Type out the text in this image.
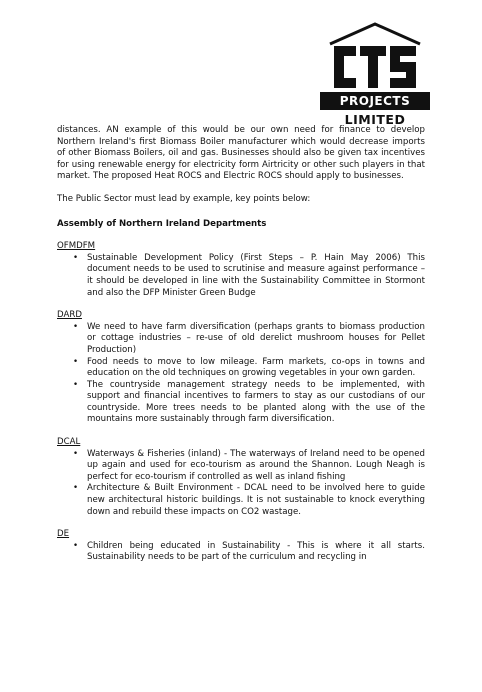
PROJECTS
LIMITED

distances. AN example of this would be our own need for finance to develop Northern Ireland's first Biomass Boiler manufacturer which would decrease imports of other Biomass Boilers, oil and gas. Businesses should also be given tax incentives for using renewable energy for electricity form Airtricity or other such players in that market. The proposed Heat ROCS and Electric ROCS should apply to businesses.

The Public Sector must lead by example, key points below:

Assembly of Northern Ireland Departments

OFMDFM

• Sustainable Development Policy (First Steps – P. Hain May 2006) This document needs to be used to scrutinise and measure against performance – it should be developed in line with the Sustainability Committee in Stormont and also the DFP Minister Green Budge

DARD

• We need to have farm diversification (perhaps grants to biomass production or cottage industries – re-use of old derelict mushroom houses for Pellet Production)
• Food needs to move to low mileage. Farm markets, co-ops in towns and education on the old techniques on growing vegetables in your own garden.
• The countryside management strategy needs to be implemented, with support and financial incentives to farmers to stay as our custodians of our countryside. More trees needs to be planted along with the use of the mountains more sustainably through farm diversification.

DCAL

• Waterways & Fisheries (inland) - The waterways of Ireland need to be opened up again and used for eco-tourism as around the Shannon. Lough Neagh is perfect for eco-tourism if controlled as well as inland fishing
• Architecture & Built Environment - DCAL need to be involved here to guide new architectural historic buildings. It is not sustainable to knock everything down and rebuild these impacts on CO2 wastage.

DE

• Children being educated in Sustainability - This is where it all starts. Sustainability needs to be part of the curriculum and recycling in
